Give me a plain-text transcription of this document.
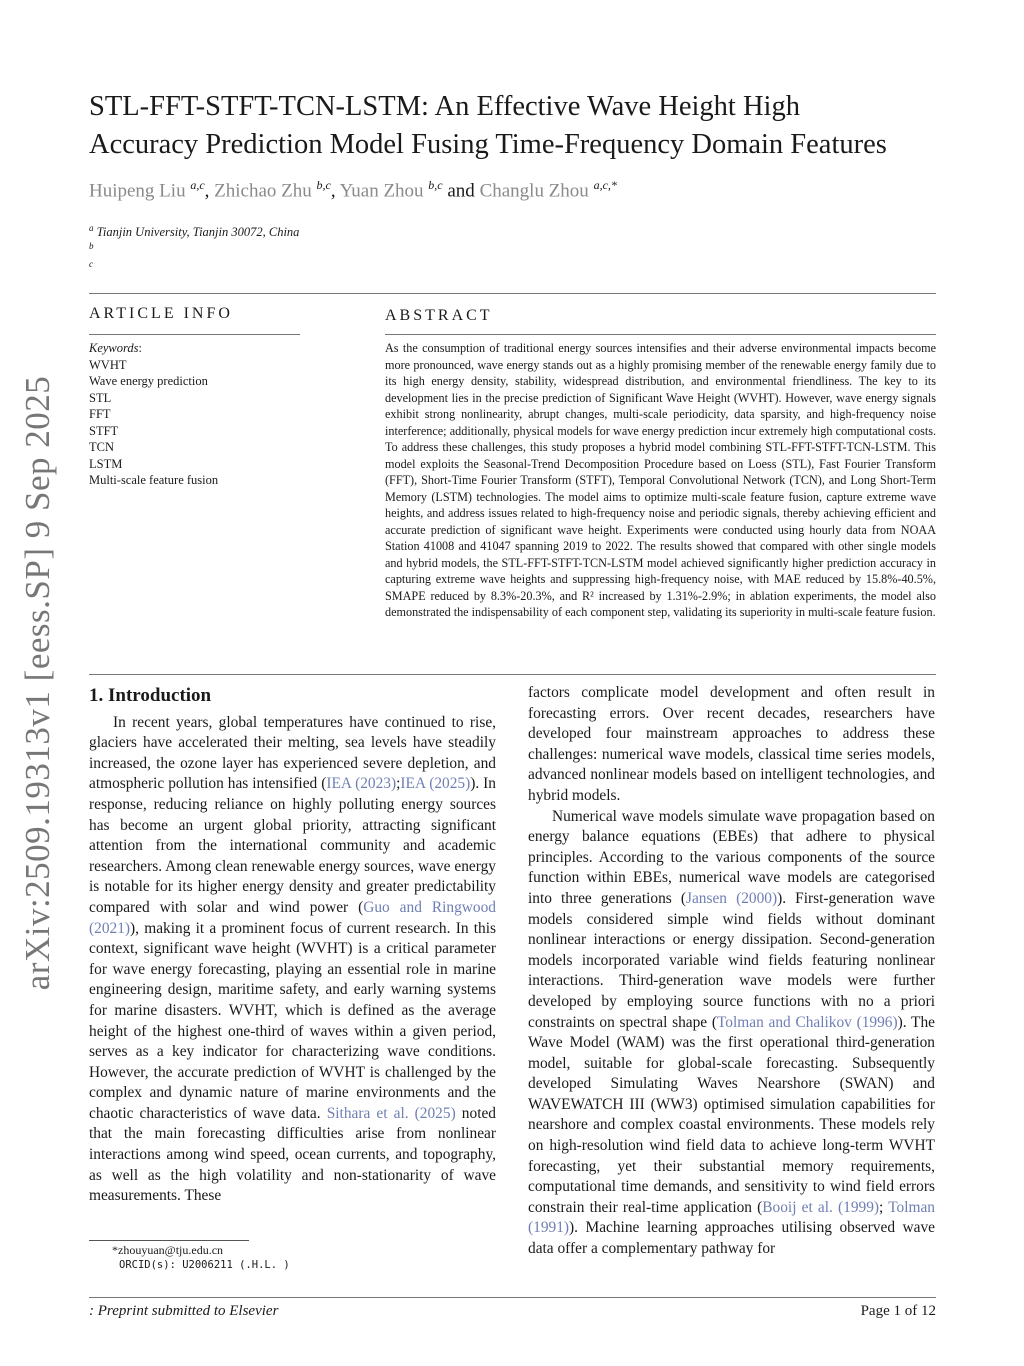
arXiv:2509.19313v1 [eess.SP] 9 Sep 2025
STL-FFT-STFT-TCN-LSTM: An Effective Wave Height High
Accuracy Prediction Model Fusing Time-Frequency Domain Features
Huipeng Liu $^{a,c}$, Zhichao Zhu $^{b,c}$, Yuan Zhou $^{b,c}$ and Changlu Zhou $^{a,c,*}$
$^a$ Tianjin University, Tianjin 30072, China
$^b$
$^c$
ARTICLE INFO
Keywords:
WVHT
Wave energy prediction
STL
FFT
STFT
TCN
LSTM
Multi-scale feature fusion
ABSTRACT
As the consumption of traditional energy sources intensifies and their adverse environmental impacts become more pronounced, wave energy stands out as a highly promising member of the renewable energy family due to its high energy density, stability, widespread distribution, and environmental friendliness. The key to its development lies in the precise prediction of Significant Wave Height (WVHT). However, wave energy signals exhibit strong nonlinearity, abrupt changes, multi-scale periodicity, data sparsity, and high-frequency noise interference; additionally, physical models for wave energy prediction incur extremely high computational costs. To address these challenges, this study proposes a hybrid model combining STL-FFT-STFT-TCN-LSTM. This model exploits the Seasonal-Trend Decomposition Procedure based on Loess (STL), Fast Fourier Transform (FFT), Short-Time Fourier Transform (STFT), Temporal Convolutional Network (TCN), and Long Short-Term Memory (LSTM) technologies. The model aims to optimize multi-scale feature fusion, capture extreme wave heights, and address issues related to high-frequency noise and periodic signals, thereby achieving efficient and accurate prediction of significant wave height. Experiments were conducted using hourly data from NOAA Station 41008 and 41047 spanning 2019 to 2022. The results showed that compared with other single models and hybrid models, the STL-FFT-STFT-TCN-LSTM model achieved significantly higher prediction accuracy in capturing extreme wave heights and suppressing high-frequency noise, with MAE reduced by 15.8%-40.5%, SMAPE reduced by 8.3%-20.3%, and R² increased by 1.31%-2.9%; in ablation experiments, the model also demonstrated the indispensability of each component step, validating its superiority in multi-scale feature fusion.
1. Introduction

In recent years, global temperatures have continued to rise, glaciers have accelerated their melting, sea levels have steadily increased, the ozone layer has experienced severe depletion, and atmospheric pollution has intensified (IEA (2023);IEA (2025)). In response, reducing reliance on highly polluting energy sources has become an urgent global priority, attracting significant attention from the international community and academic researchers. Among clean renewable energy sources, wave energy is notable for its higher energy density and greater predictability compared with solar and wind power (Guo and Ringwood (2021)), making it a prominent focus of current research. In this context, significant wave height (WVHT) is a critical parameter for wave energy forecasting, playing an essential role in marine engineering design, maritime safety, and early warning systems for marine disasters. WVHT, which is defined as the average height of the highest one-third of waves within a given period, serves as a key indicator for characterizing wave conditions. However, the accurate prediction of WVHT is challenged by the complex and dynamic nature of marine environments and the chaotic characteristics of wave data. Sithara et al. (2025) noted that the main forecasting difficulties arise from nonlinear interactions among wind speed, ocean currents, and topography, as well as the high volatility and non-stationarity of wave measurements. These

*zhouyuan@tju.edu.cn
ORCID(s): U2006211 (.H.L. )

factors complicate model development and often result in forecasting errors. Over recent decades, researchers have developed four mainstream approaches to address these challenges: numerical wave models, classical time series models, advanced nonlinear models based on intelligent technologies, and hybrid models.

Numerical wave models simulate wave propagation based on energy balance equations (EBEs) that adhere to physical principles. According to the various components of the source function within EBEs, numerical wave models are categorised into three generations (Jansen (2000)). First-generation wave models considered simple wind fields without dominant nonlinear interactions or energy dissipation. Second-generation models incorporated variable wind fields featuring nonlinear interactions. Third-generation wave models were further developed by employing source functions with no a priori constraints on spectral shape (Tolman and Chalikov (1996)). The Wave Model (WAM) was the first operational third-generation model, suitable for global-scale forecasting. Subsequently developed Simulating Waves Nearshore (SWAN) and WAVEWATCH III (WW3) optimised simulation capabilities for nearshore and complex coastal environments. These models rely on high-resolution wind field data to achieve long-term WVHT forecasting, yet their substantial memory requirements, computational time demands, and sensitivity to wind field errors constrain their real-time application (Booij et al. (1999); Tolman (1991)). Machine learning approaches utilising observed wave data offer a complementary pathway for

: Preprint submitted to Elsevier	Page 1 of 12
